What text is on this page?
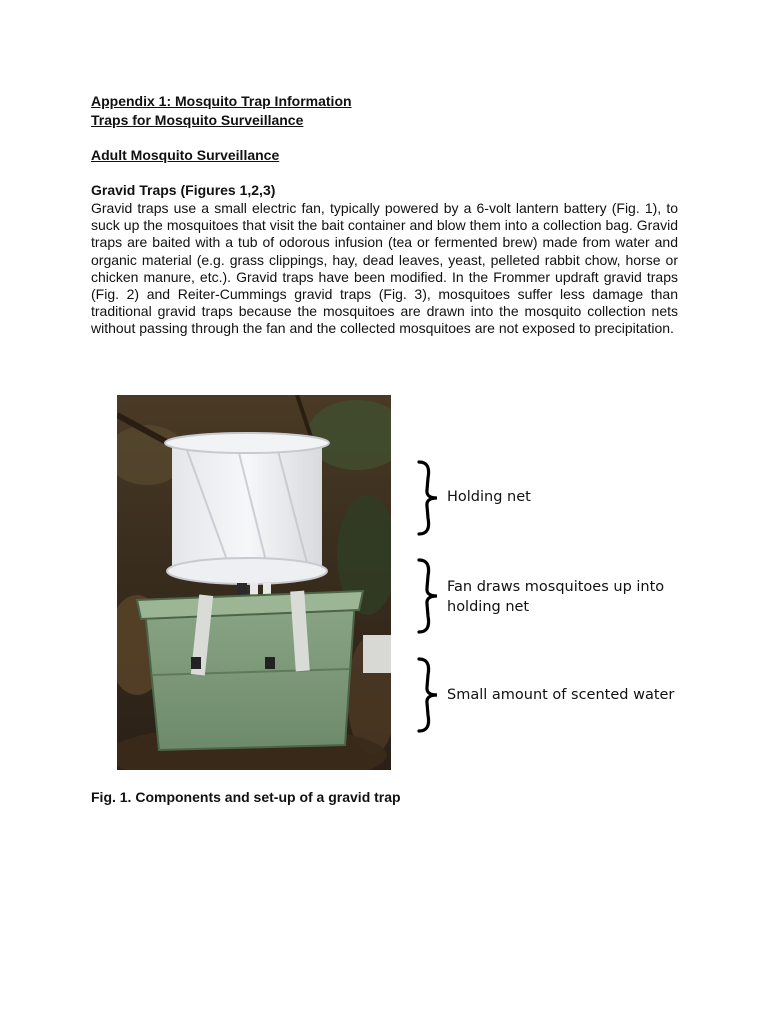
Appendix 1: Mosquito Trap Information
Traps for Mosquito Surveillance
Adult Mosquito Surveillance
Gravid Traps (Figures 1,2,3)
Gravid traps use a small electric fan, typically powered by a 6-volt lantern battery (Fig. 1), to suck up the mosquitoes that visit the bait container and blow them into a collection bag. Gravid traps are baited with a tub of odorous infusion (tea or fermented brew) made from water and organic material (e.g. grass clippings, hay, dead leaves, yeast, pelleted rabbit chow, horse or chicken manure, etc.). Gravid traps have been modified. In the Frommer updraft gravid traps (Fig. 2) and Reiter-Cummings gravid traps (Fig. 3), mosquitoes suffer less damage than traditional gravid traps because the mosquitoes are drawn into the mosquito collection nets without passing through the fan and the collected mosquitoes are not exposed to precipitation.
Holding net
Fan draws mosquitoes up into holding net
Small amount of scented water
Fig. 1. Components and set-up of a gravid trap
